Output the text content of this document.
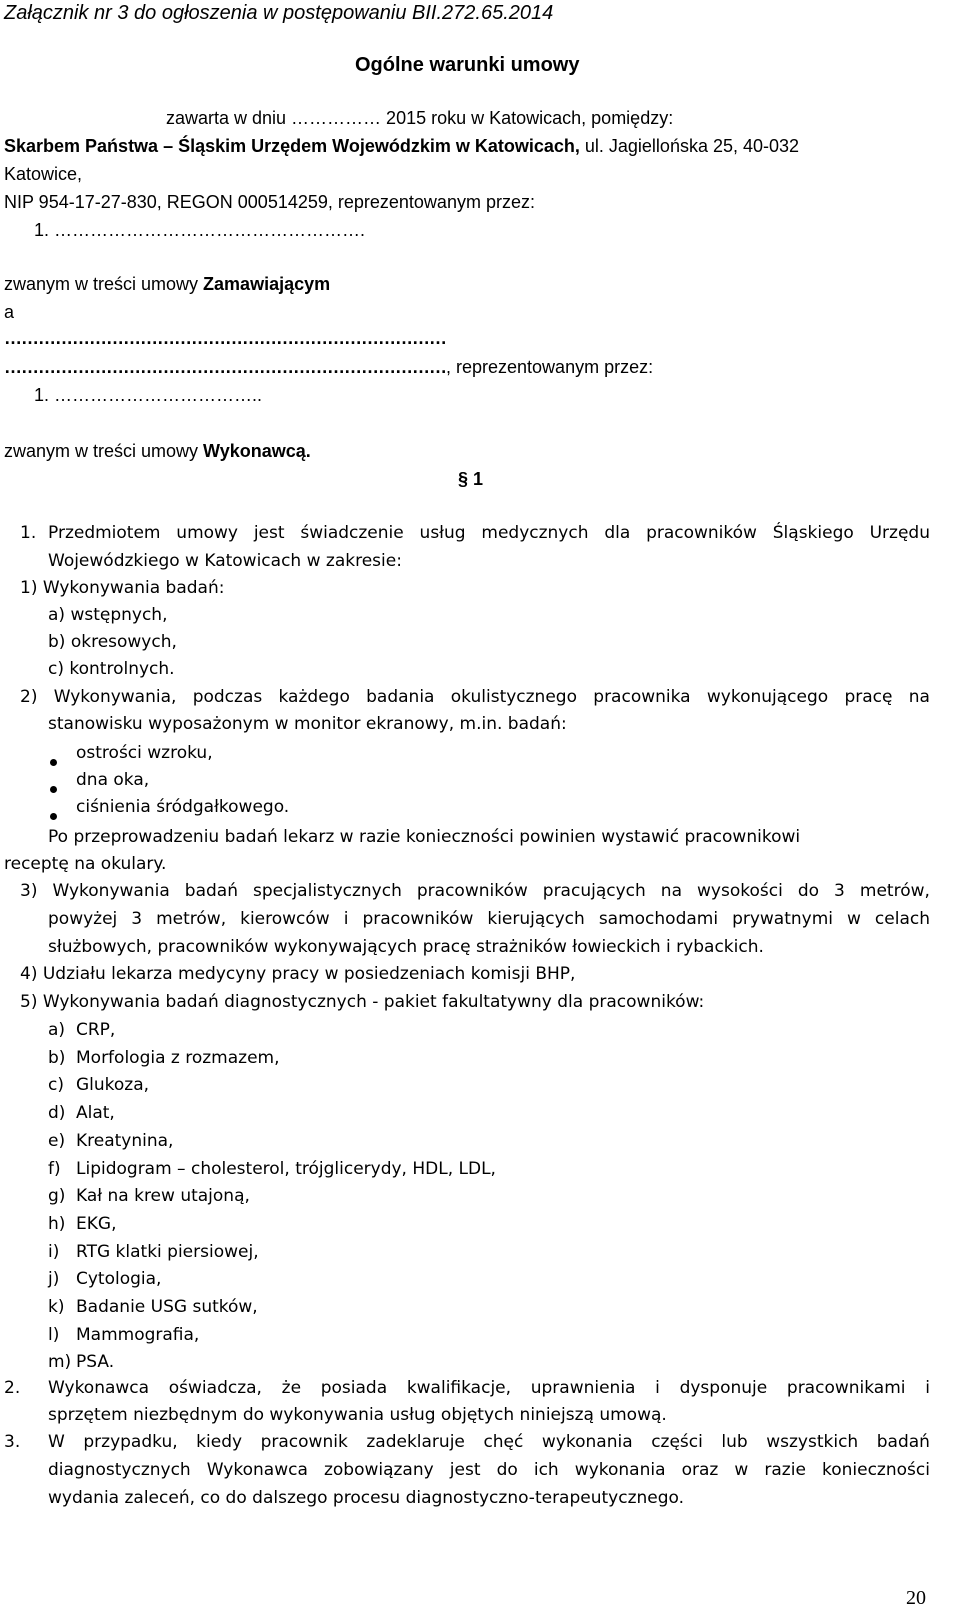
Załącznik nr 3 do ogłoszenia w postępowaniu BII.272.65.2014
Ogólne warunki umowy
zawarta w dniu …………… 2015 roku w Katowicach, pomiędzy:
Skarbem Państwa – Śląskim Urzędem Wojewódzkim w Katowicach, ul. Jagiellońska 25, 40-032
Katowice,
NIP 954-17-27-830, REGON 000514259, reprezentowanym przez:
1. …………………………………………….
zwanym w treści umowy Zamawiającym
a
……………………………………………………………………
……………………………………………………………………, reprezentowanym przez:
1. ……………………………..
zwanym w treści umowy Wykonawcą.
§ 1
1. Przedmiotem umowy jest świadczenie usług medycznych dla pracowników Śląskiego Urzędu
Wojewódzkiego w Katowicach w zakresie:
1) Wykonywania badań:
a) wstępnych,
b) okresowych,
c) kontrolnych.
2) Wykonywania, podczas każdego badania okulistycznego pracownika wykonującego pracę na
stanowisku wyposażonym w monitor ekranowy, m.in. badań:
ostrości wzroku,
dna oka,
ciśnienia śródgałkowego.
Po przeprowadzeniu badań lekarz w razie konieczności powinien wystawić pracownikowi
receptę na okulary.
3) Wykonywania badań specjalistycznych pracowników pracujących na wysokości do 3 metrów,
powyżej 3 metrów, kierowców i pracowników kierujących samochodami prywatnymi w celach
służbowych, pracowników wykonywających pracę strażników łowieckich i rybackich.
4) Udziału lekarza medycyny pracy w posiedzeniach komisji BHP,
5) Wykonywania badań diagnostycznych - pakiet fakultatywny dla pracowników:
a) CRP,
b) Morfologia z rozmazem,
c) Glukoza,
d) Alat,
e) Kreatynina,
f) Lipidogram – cholesterol, trójglicerydy, HDL, LDL,
g) Kał na krew utajoną,
h) EKG,
i) RTG klatki piersiowej,
j) Cytologia,
k) Badanie USG sutków,
l) Mammografia,
m) PSA.
2. Wykonawca oświadcza, że posiada kwalifikacje, uprawnienia i dysponuje pracownikami i
sprzętem niezbędnym do wykonywania usług objętych niniejszą umową.
3. W przypadku, kiedy pracownik zadeklaruje chęć wykonania części lub wszystkich badań
diagnostycznych Wykonawca zobowiązany jest do ich wykonania oraz w razie konieczności
wydania zaleceń, co do dalszego procesu diagnostyczno-terapeutycznego.
20
